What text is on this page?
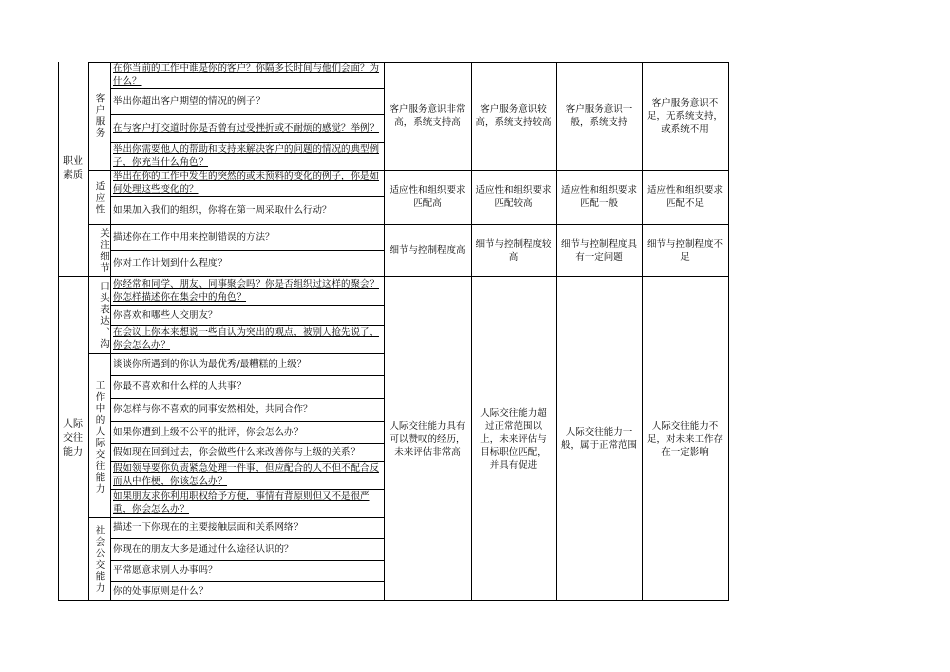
职业素质
人际交往能力
客户服务
适应性
关注细节
口头表达、沟
工作中的人际交往能力
社会公交能力
在你当前的工作中谁是你的客户？你隔多长时间与他们会面？为什么？
举出你超出客户期望的情况的例子？
在与客户打交道时你是否曾有过受挫折或不耐烦的感觉？举例？
举出你需要他人的帮助和支持来解决客户的问题的情况的典型例子，你充当什么角色？
举出在你的工作中发生的突然的或未预料的变化的例子，你是如何处理这些变化的？
如果加入我们的组织，你将在第一周采取什么行动？
描述你在工作中用来控制错误的方法？
你对工作计划到什么程度？
你经常和同学、朋友、同事聚会吗？你是否组织过这样的聚会？你怎样描述你在集会中的角色？
你喜欢和哪些人交朋友？
在会议上你本来想说一些自认为突出的观点，被别人抢先说了，你会怎么办？
谈谈你所遇到的你认为最优秀/最糟糕的上级？
你最不喜欢和什么样的人共事？
你怎样与你不喜欢的同事安然相处，共同合作？
如果你遭到上级不公平的批评，你会怎么办？
假如现在回到过去，你会做些什么来改善你与上级的关系？
假如领导要你负责紧急处理一件事，但应配合的人不但不配合反而从中作梗，你该怎么办？
如果朋友求你利用职权给予方便，事情有背原则但又不是很严重，你会怎么办？
描述一下你现在的主要接触层面和关系网络？
你现在的朋友大多是通过什么途径认识的？
平常愿意求别人办事吗？
你的处事原则是什么？
客户服务意识非常高，系统支持高
客户服务意识较高，系统支持较高
客户服务意识一般，系统支持
客户服务意识不足，无系统支持，或系统不用
适应性和组织要求匹配高
适应性和组织要求匹配较高
适应性和组织要求匹配一般
适应性和组织要求匹配不足
细节与控制程度高
细节与控制程度较高
细节与控制程度具有一定问题
细节与控制程度不足
人际交往能力具有可以赞叹的经历，未来评估非常高
人际交往能力超过正常范围以上，未来评估与目标职位匹配，并具有促进
人际交往能力一般，属于正常范围
人际交往能力不足，对未来工作存在一定影响
